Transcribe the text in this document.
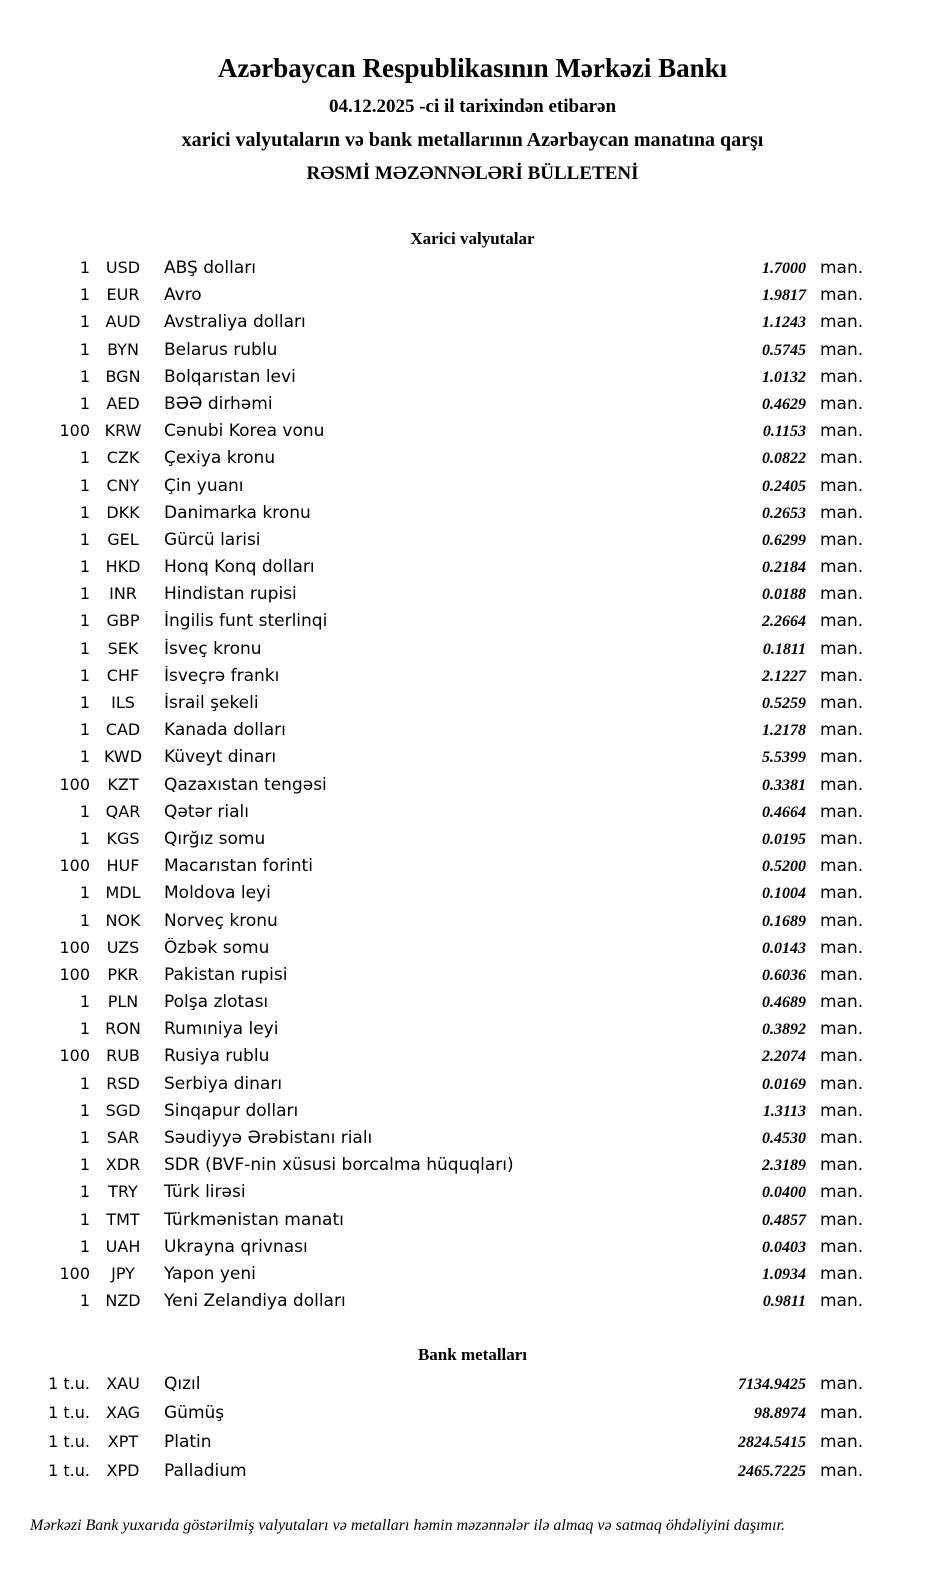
Azərbaycan Respublikasının Mərkəzi Bankı
04.12.2025 -ci il tarixindən etibarən
xarici valyutaların və bank metallarının Azərbaycan manatına qarşı
RƏSMİ MƏZƏNNƏLƏRİ BÜLLETENİ
Xarici valyutalar
1 USD	ABŞ dolları	1.7000 man.
1	EUR	Avro	1.9817 man.
1 AUD	Avstraliya dolları	1.1243 man.
1	BYN	Belarus rublu	0.5745 man.
1 BGN	Bolqarıstan levi	1.0132 man.
1	AED	BƏƏ dirhəmi	0.4629 man.
100 KRW	Cənubi Korea vonu	0.1153 man.
1	CZK	Çexiya kronu	0.0822 man.
1	CNY	Çin yuanı	0.2405 man.
1	DKK	Danimarka kronu	0.2653 man.
1	GEL	Gürcü larisi	0.6299 man.
1 HKD	Honq Konq dolları	0.2184 man.
1	INR	Hindistan rupisi	0.0188 man.
1	GBP	İngilis funt sterlinqi	2.2664 man.
1	SEK	İsveç kronu	0.1811 man.
1	CHF	İsveçrə frankı	2.1227 man.
1	ILS	İsrail şekeli	0.5259 man.
1 CAD	Kanada dolları	1.2178 man.
1 KWD	Küveyt dinarı	5.5399 man.
100	KZT	Qazaxıstan tengəsi	0.3381 man.
1 QAR	Qətər rialı	0.4664 man.
1	KGS	Qırğız somu	0.0195 man.
100	HUF	Macarıstan forinti	0.5200 man.
1 MDL	Moldova leyi	0.1004 man.
1 NOK	Norveç kronu	0.1689 man.
100	UZS	Özbək somu	0.0143 man.
100	PKR	Pakistan rupisi	0.6036 man.
1	PLN	Polşa zlotası	0.4689 man.
1 RON	Rumıniya leyi	0.3892 man.
100	RUB	Rusiya rublu	2.2074 man.
1	RSD	Serbiya dinarı	0.0169 man.
1 SGD	Sinqapur dolları	1.3113 man.
1	SAR	Səudiyyə Ərəbistanı rialı	0.4530 man.
1 XDR	SDR (BVF-nin xüsusi borcalma hüquqları)	2.3189 man.
1	TRY	Türk lirəsi	0.0400 man.
1	TMT	Türkmənistan manatı	0.4857 man.
1 UAH	Ukrayna qrivnası	0.0403 man.
100	JPY	Yapon yeni	1.0934 man.
1 NZD	Yeni Zelandiya dolları	0.9811 man.
Bank metalları
1 t.u.	XAU	Qızıl	7134.9425 man.
1 t.u. XAG	Gümüş	98.8974 man.
1 t.u.	XPT	Platin	2824.5415 man.
1 t.u.	XPD	Palladium	2465.7225 man.
Mərkəzi Bank yuxarıda göstərilmiş valyutaları və metalları həmin məzənnələr ilə almaq və satmaq öhdəliyini daşımır.
